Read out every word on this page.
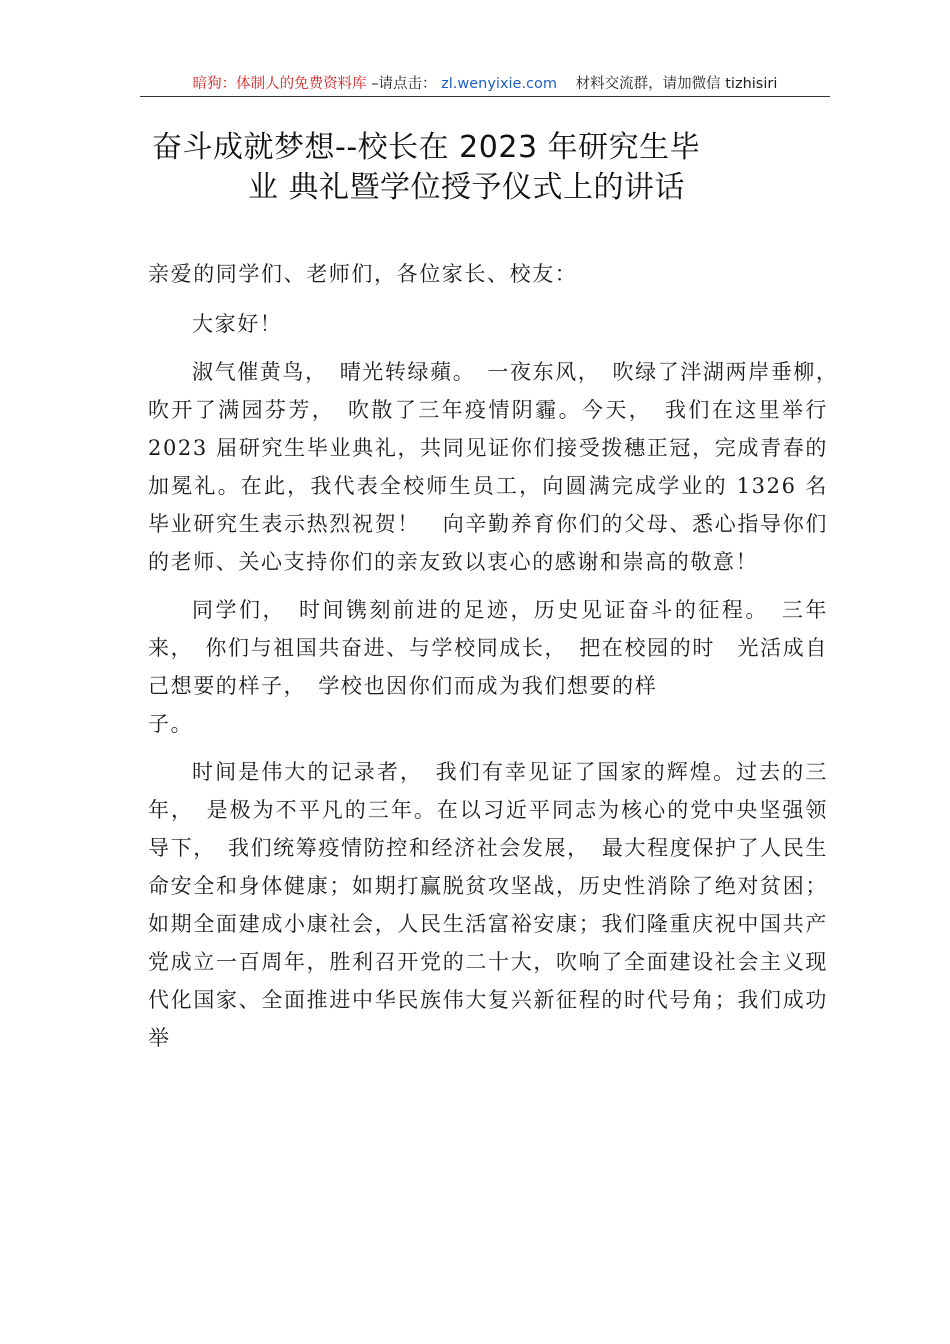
暗狗：体制人的免费资料库 –请点击： zl.wenyixie.com 材料交流群，请加微信 tizhisiri
奋斗成就梦想--校长在 2023 年研究生毕
业 典礼暨学位授予仪式上的讲话

亲爱的同学们、老师们，各位家长、校友：

大家好！

淑气催黄鸟，　晴光转绿蘋。　一夜东风，　吹绿了泮湖两岸垂柳，　吹开了满园芬芳，　吹散了三年疫情阴霾。今天，　我们在这里举行 2023 届研究生毕业典礼，共同见证你们接受拨穗正冠，完成青春的加冕礼。在此，我代表全校师生员工，向圆满完成学业的 1326 名毕业研究生表示热烈祝贺！　向辛勤养育你们的父母、悉心指导你们的老师、关心支持你们的亲友致以衷心的感谢和崇高的敬意！

同学们，　时间镌刻前进的足迹，历史见证奋斗的征程。　三年来，　你们与祖国共奋进、与学校同成长，　把在校园的时　光活成自己想要的样子，　学校也因你们而成为我们想要的样

子。

时间是伟大的记录者，　我们有幸见证了国家的辉煌。过去的三年，　是极为不平凡的三年。在以习近平同志为核心的党中央坚强领导下，　我们统筹疫情防控和经济社会发展，　最大程度保护了人民生命安全和身体健康；如期打赢脱贫攻坚战，历史性消除了绝对贫困；如期全面建成小康社会，人民生活富裕安康；我们隆重庆祝中国共产党成立一百周年，胜利召开党的二十大，吹响了全面建设社会主义现代化国家、全面推进中华民族伟大复兴新征程的时代号角；我们成功举
